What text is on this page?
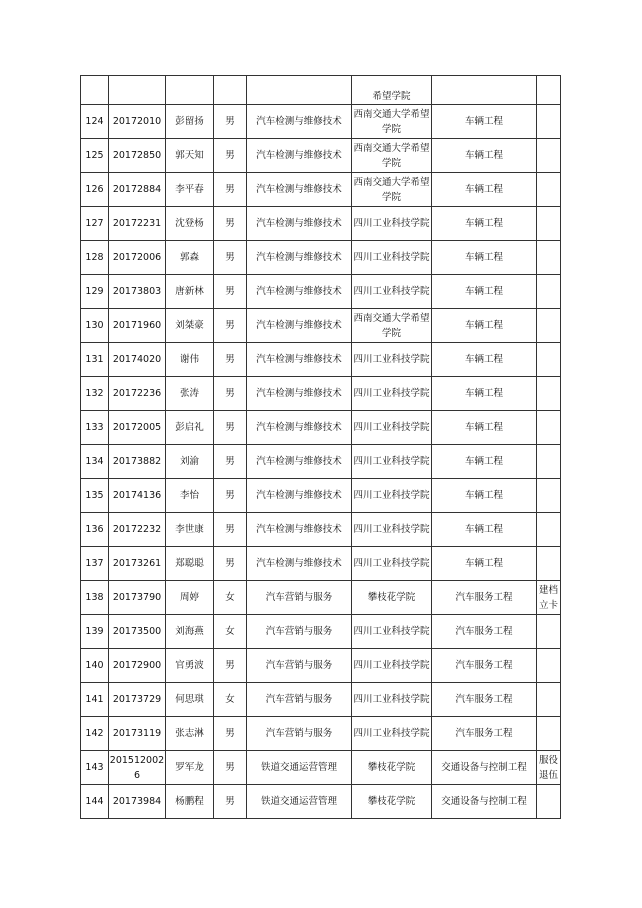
					希望学院		
124	20172010	彭留扬	男	汽车检测与维修技术	西南交通大学希望学院	车辆工程	
125	20172850	郭天知	男	汽车检测与维修技术	西南交通大学希望学院	车辆工程	
126	20172884	李平春	男	汽车检测与维修技术	西南交通大学希望学院	车辆工程	
127	20172231	沈登杨	男	汽车检测与维修技术	四川工业科技学院	车辆工程	
128	20172006	郭森	男	汽车检测与维修技术	四川工业科技学院	车辆工程	
129	20173803	唐新林	男	汽车检测与维修技术	四川工业科技学院	车辆工程	
130	20171960	刘桀豪	男	汽车检测与维修技术	西南交通大学希望学院	车辆工程	
131	20174020	谢伟	男	汽车检测与维修技术	四川工业科技学院	车辆工程	
132	20172236	张涛	男	汽车检测与维修技术	四川工业科技学院	车辆工程	
133	20172005	彭启礼	男	汽车检测与维修技术	四川工业科技学院	车辆工程	
134	20173882	刘渝	男	汽车检测与维修技术	四川工业科技学院	车辆工程	
135	20174136	李怡	男	汽车检测与维修技术	四川工业科技学院	车辆工程	
136	20172232	李世康	男	汽车检测与维修技术	四川工业科技学院	车辆工程	
137	20173261	郑聪聪	男	汽车检测与维修技术	四川工业科技学院	车辆工程	
138	20173790	周婷	女	汽车营销与服务	攀枝花学院	汽车服务工程	建档立卡
139	20173500	刘海燕	女	汽车营销与服务	四川工业科技学院	汽车服务工程	
140	20172900	官勇波	男	汽车营销与服务	四川工业科技学院	汽车服务工程	
141	20173729	何思琪	女	汽车营销与服务	四川工业科技学院	汽车服务工程	
142	20173119	张志淋	男	汽车营销与服务	四川工业科技学院	汽车服务工程	
143	2015120026	罗军龙	男	铁道交通运营管理	攀枝花学院	交通设备与控制工程	服役退伍
144	20173984	杨鹏程	男	铁道交通运营管理	攀枝花学院	交通设备与控制工程	
